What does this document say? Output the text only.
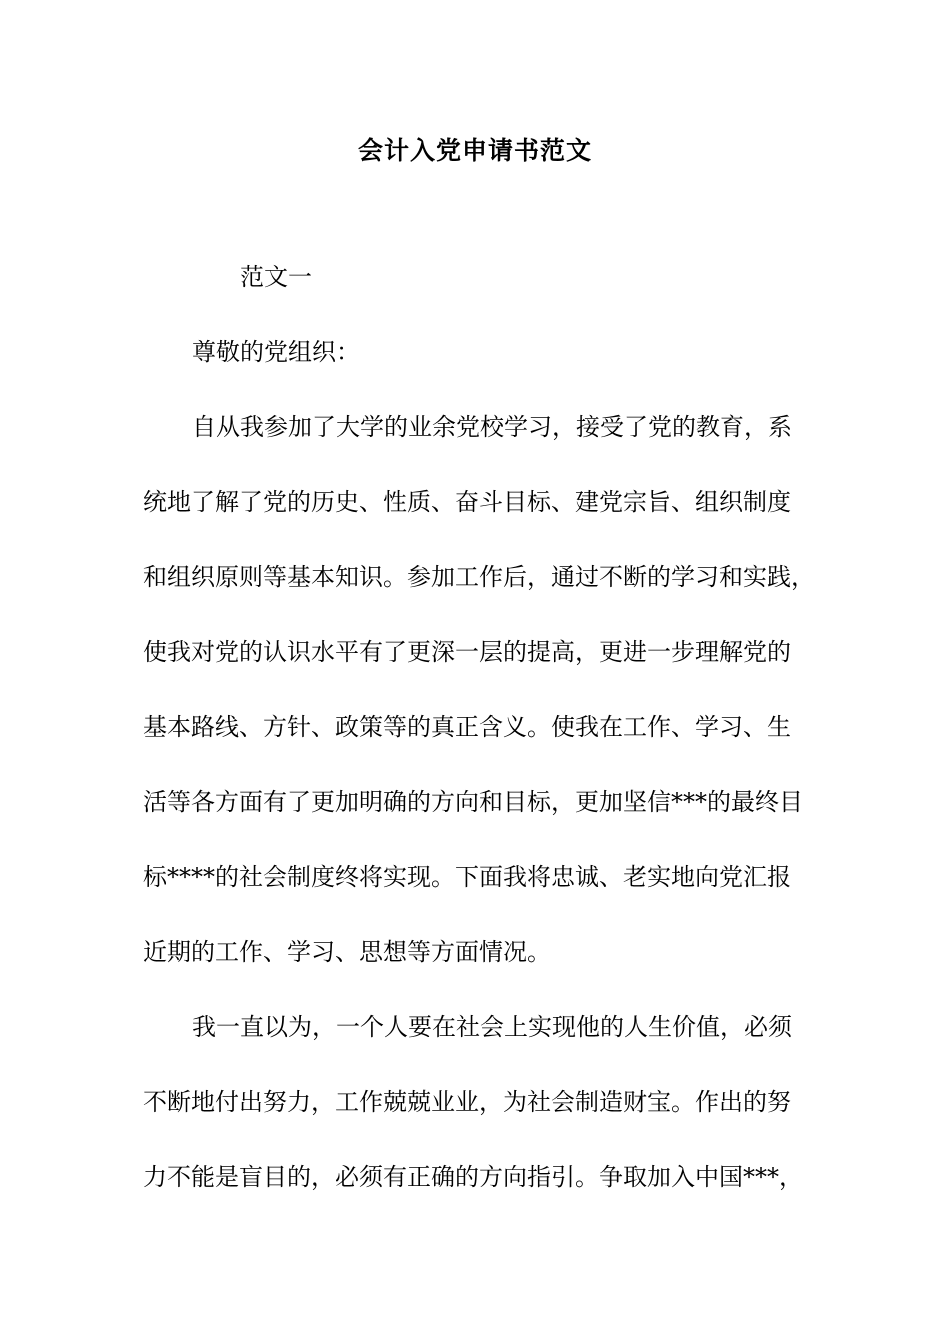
会计入党申请书范文
范文一
尊敬的党组织：
自从我参加了大学的业余党校学习，接受了党的教育，系
统地了解了党的历史、性质、奋斗目标、建党宗旨、组织制度
和组织原则等基本知识。参加工作后，通过不断的学习和实践，
使我对党的认识水平有了更深一层的提高，更进一步理解党的
基本路线、方针、政策等的真正含义。使我在工作、学习、生
活等各方面有了更加明确的方向和目标，更加坚信***的最终目
标****的社会制度终将实现。下面我将忠诚、老实地向党汇报
近期的工作、学习、思想等方面情况。
我一直以为，一个人要在社会上实现他的人生价值，必须
不断地付出努力，工作兢兢业业，为社会制造财宝。作出的努
力不能是盲目的，必须有正确的方向指引。争取加入中国***，
